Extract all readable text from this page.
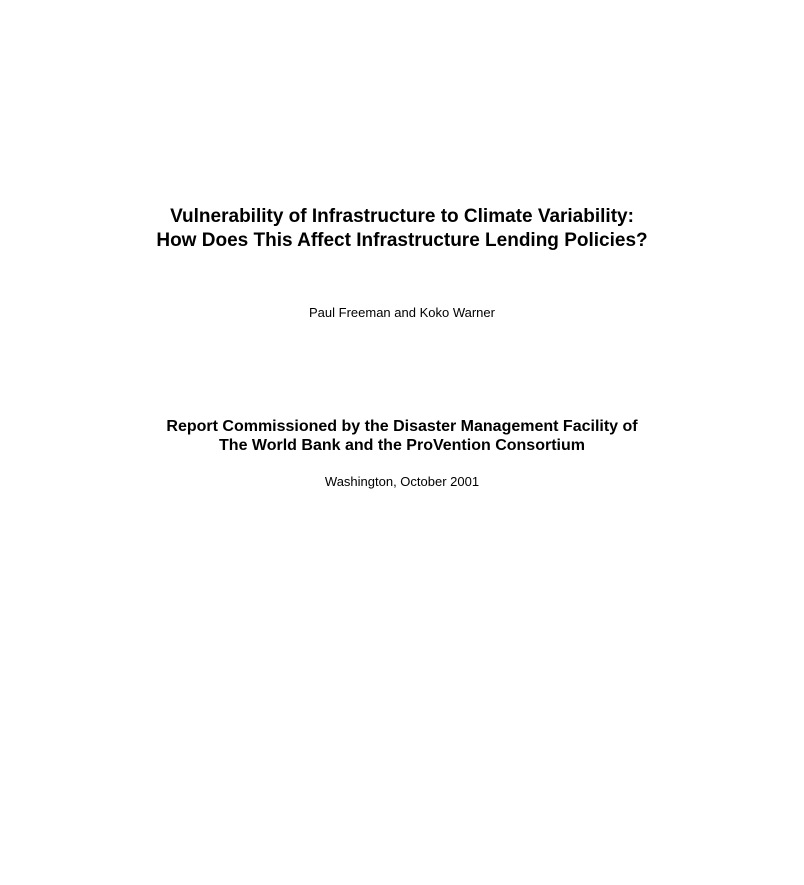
Vulnerability of Infrastructure to Climate Variability:
How Does This Affect Infrastructure Lending Policies?

Paul Freeman and Koko Warner

Report Commissioned by the Disaster Management Facility of
The World Bank and the ProVention Consortium

Washington, October 2001
